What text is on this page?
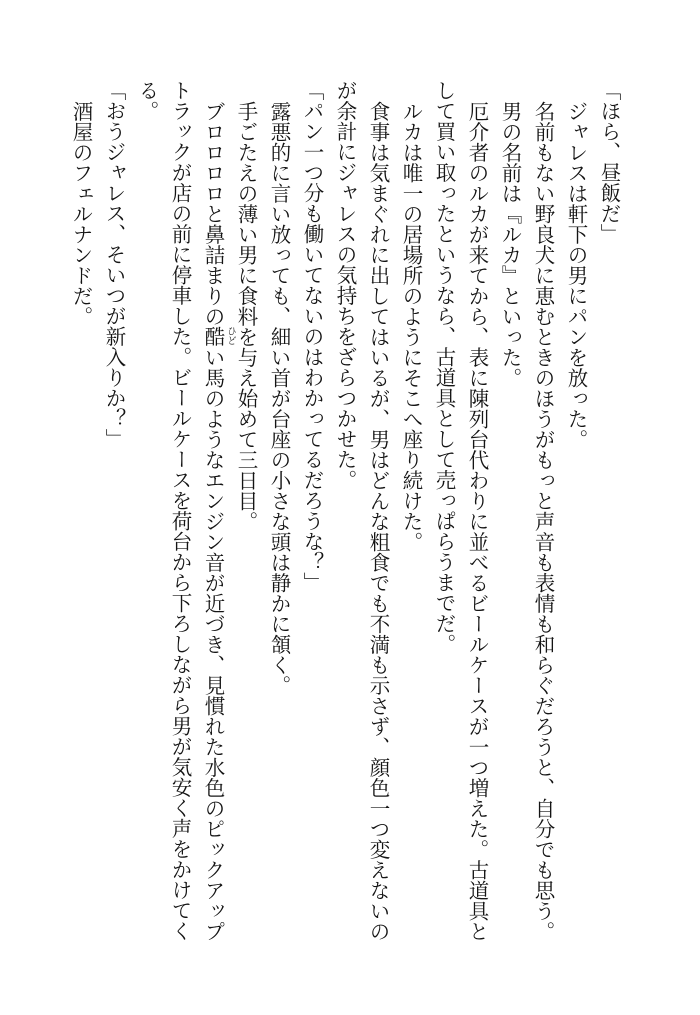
「ほら、昼飯だ」
ジャレスは軒下の男にパンを放った。
名前もない野良犬に恵むときのほうがもっと声音も表情も和らぐだろうと、自分でも思う。
男の名前は『ルカ』といった。
厄介者のルカが来てから、表に陳列台代わりに並べるビールケースが一つ増えた。古道具と
して買い取ったというなら、古道具として売っぱらうまでだ。
ルカは唯一の居場所のようにそこへ座り続けた。
食事は気まぐれに出してはいるが、男はどんな粗食でも不満も示さず、顔色一つ変えないの
が余計にジャレスの気持ちをざらつかせた。
「パン一つ分も働いてないのはわかってるだろうな？」
露悪的に言い放っても、細い首が台座の小さな頭は静かに頷く。
手ごたえの薄い男に食料を与え始めて三日目。
ブロロロロと鼻詰まりの酷 ひど
い馬のようなエンジン音が近づき、見慣れた水色のピックアップ
トラックが店の前に停車した。ビールケースを荷台から下ろしながら男が気安く声をかけてく
る。
「おうジャレス、そいつが新入りか？」
酒屋のフェルナンドだ。
